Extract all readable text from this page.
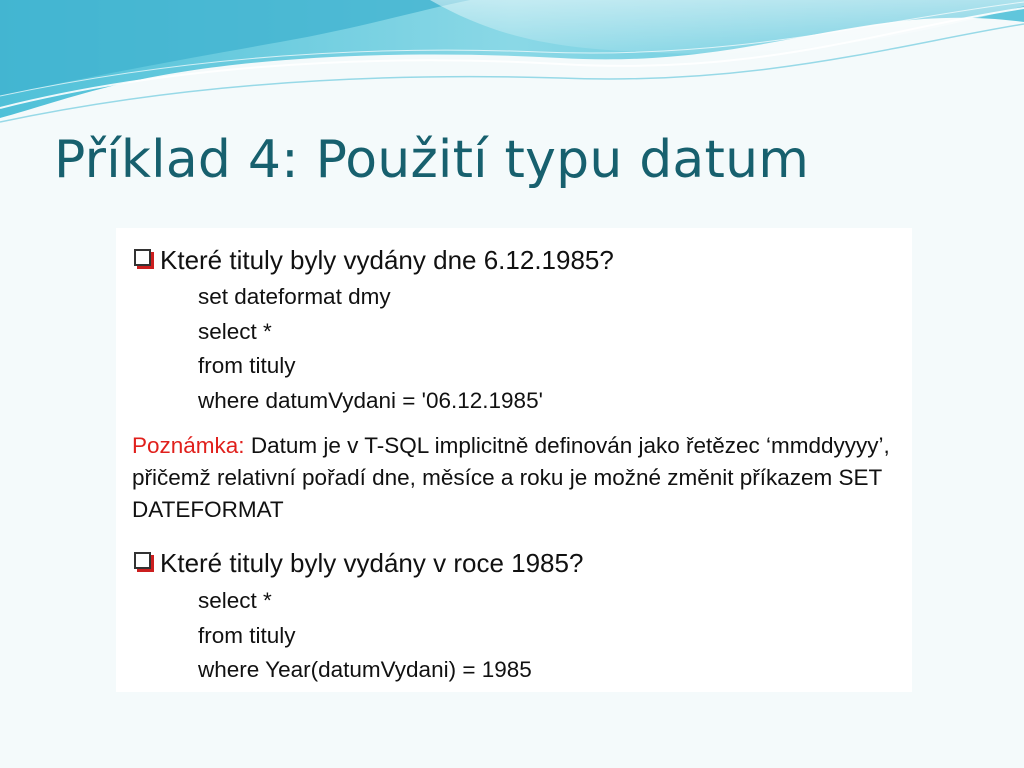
Příklad 4: Použití typu datum
Které tituly byly vydány dne 6.12.1985?
set dateformat dmy
select *
from tituly
where datumVydani = '06.12.1985'
Poznámka: Datum je v T-SQL implicitně definován jako řetězec ‘mmddyyyy’, přičemž relativní pořadí dne, měsíce a roku je možné změnit příkazem SET DATEFORMAT
Které tituly byly vydány v roce 1985?
select *
from tituly
where Year(datumVydani) = 1985
